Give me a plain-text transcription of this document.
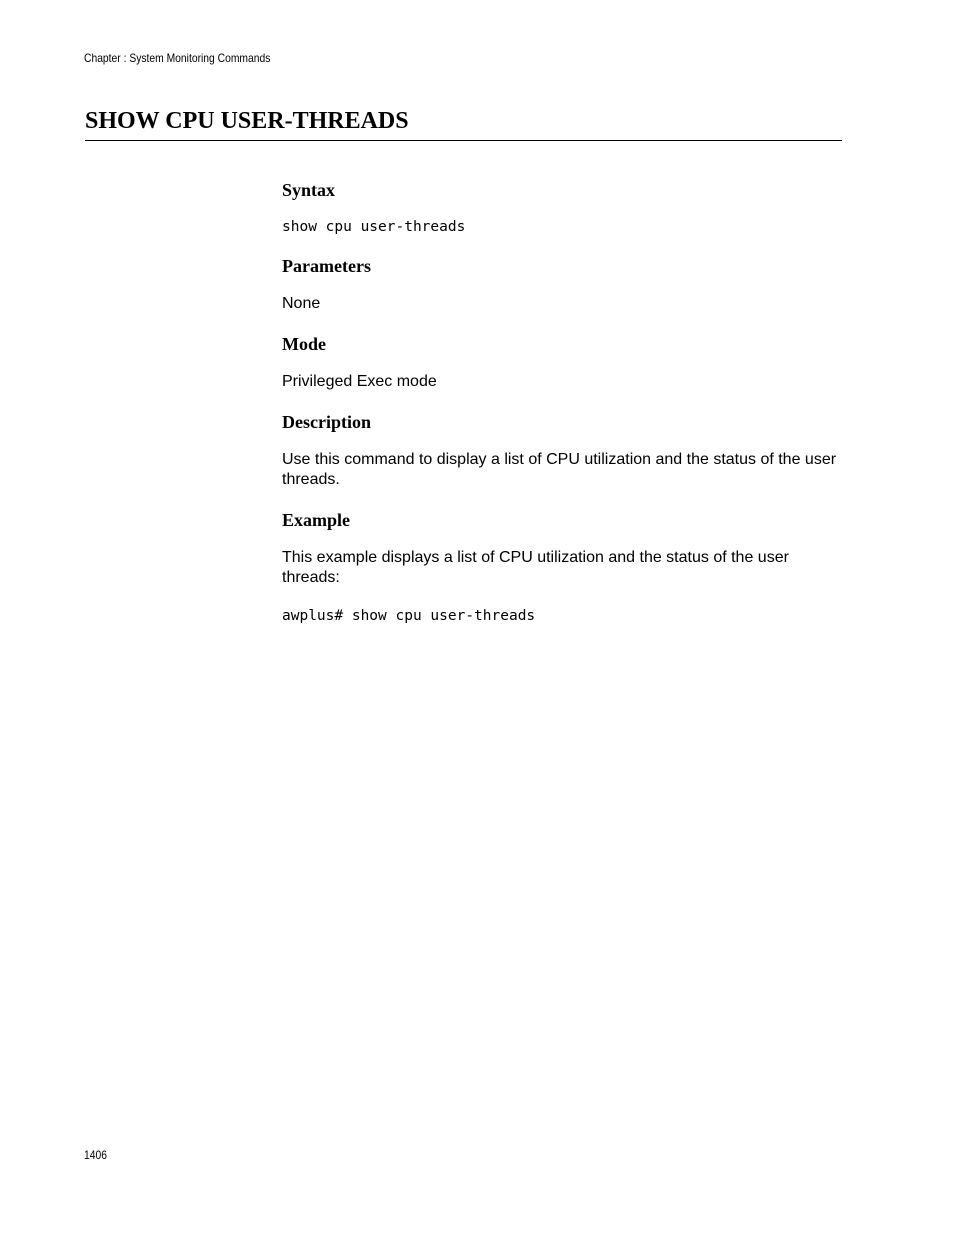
Chapter : System Monitoring Commands
SHOW CPU USER-THREADS
Syntax

show cpu user-threads

Parameters

None

Mode

Privileged Exec mode

Description

Use this command to display a list of CPU utilization and the status of the user threads.

Example

This example displays a list of CPU utilization and the status of the user threads:

awplus# show cpu user-threads

1406
